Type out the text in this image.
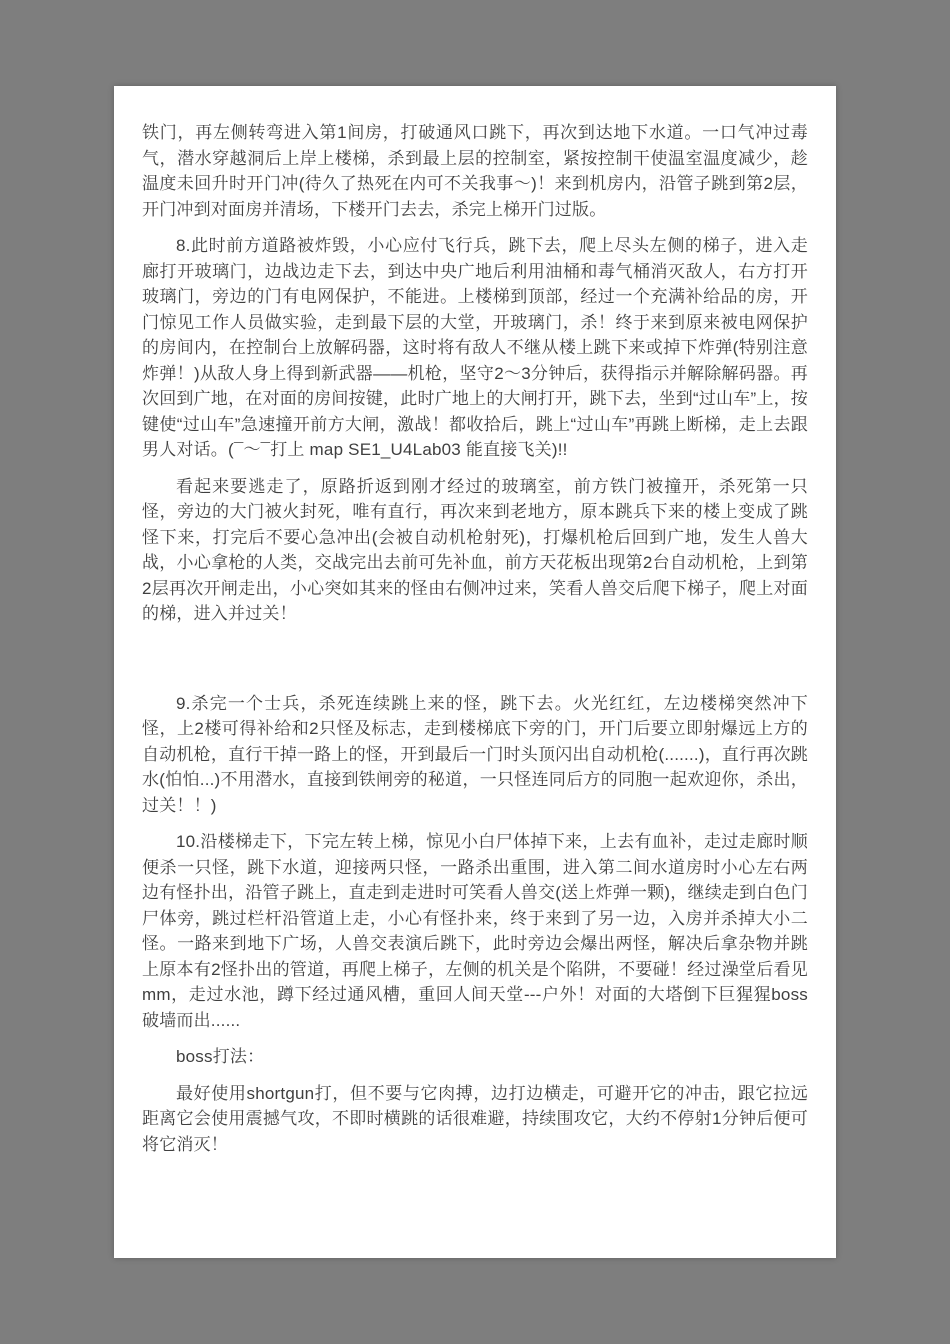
铁门，再左侧转弯进入第1间房，打破通风口跳下，再次到达地下水道。一口气冲过毒气，潜水穿越洞后上岸上楼梯，杀到最上层的控制室，紧按控制干使温室温度减少，趁温度未回升时开门冲(待久了热死在内可不关我事～)！来到机房内，沿管子跳到第2层，开门冲到对面房并清场，下楼开门去去，杀完上梯开门过版。

8.此时前方道路被炸毁，小心应付飞行兵，跳下去，爬上尽头左侧的梯子，进入走廊打开玻璃门，边战边走下去，到达中央广地后利用油桶和毒气桶消灭敌人，右方打开玻璃门，旁边的门有电网保护，不能进。上楼梯到顶部，经过一个充满补给品的房，开门惊见工作人员做实验，走到最下层的大堂，开玻璃门，杀！终于来到原来被电网保护的房间内，在控制台上放解码器，这时将有敌人不继从楼上跳下来或掉下炸弹(特别注意炸弹！)从敌人身上得到新武器——机枪，坚守2～3分钟后，获得指示并解除解码器。再次回到广地，在对面的房间按键，此时广地上的大闸打开，跳下去，坐到“过山车”上，按键使“过山车”急速撞开前方大闸，激战！都收拾后，跳上“过山车”再跳上断梯，走上去跟男人对话。(¯～¯打上 map SE1_U4Lab03 能直接飞关)!!

看起来要逃走了，原路折返到刚才经过的玻璃室，前方铁门被撞开，杀死第一只怪，旁边的大门被火封死，唯有直行，再次来到老地方，原本跳兵下来的楼上变成了跳怪下来，打完后不要心急冲出(会被自动机枪射死)，打爆机枪后回到广地，发生人兽大战，小心拿枪的人类，交战完出去前可先补血，前方天花板出现第2台自动机枪，上到第2层再次开闸走出，小心突如其来的怪由右侧冲过来，笑看人兽交后爬下梯子，爬上对面的梯，进入并过关！

9.杀完一个士兵，杀死连续跳上来的怪，跳下去。火光红红，左边楼梯突然冲下怪，上2楼可得补给和2只怪及标志，走到楼梯底下旁的门，开门后要立即射爆远上方的自动机枪，直行干掉一路上的怪，开到最后一门时头顶闪出自动机枪(.......)，直行再次跳水(怕怕...)不用潜水，直接到铁闸旁的秘道，一只怪连同后方的同胞一起欢迎你，杀出，过关！！)

10.沿楼梯走下，下完左转上梯，惊见小白尸体掉下来，上去有血补，走过走廊时顺便杀一只怪，跳下水道，迎接两只怪，一路杀出重围，进入第二间水道房时小心左右两边有怪扑出，沿管子跳上，直走到走进时可笑看人兽交(送上炸弹一颗)，继续走到白色门尸体旁，跳过栏杆沿管道上走，小心有怪扑来，终于来到了另一边，入房并杀掉大小二怪。一路来到地下广场，人兽交表演后跳下，此时旁边会爆出两怪，解决后拿杂物并跳上原本有2怪扑出的管道，再爬上梯子，左侧的机关是个陷阱，不要碰！经过澡堂后看见mm，走过水池，蹲下经过通风槽，重回人间天堂---户外！对面的大塔倒下巨猩猩boss破墙而出......

boss打法：

最好使用shortgun打，但不要与它肉搏，边打边横走，可避开它的冲击，跟它拉远距离它会使用震撼气攻，不即时横跳的话很难避，持续围攻它，大约不停射1分钟后便可将它消灭！
